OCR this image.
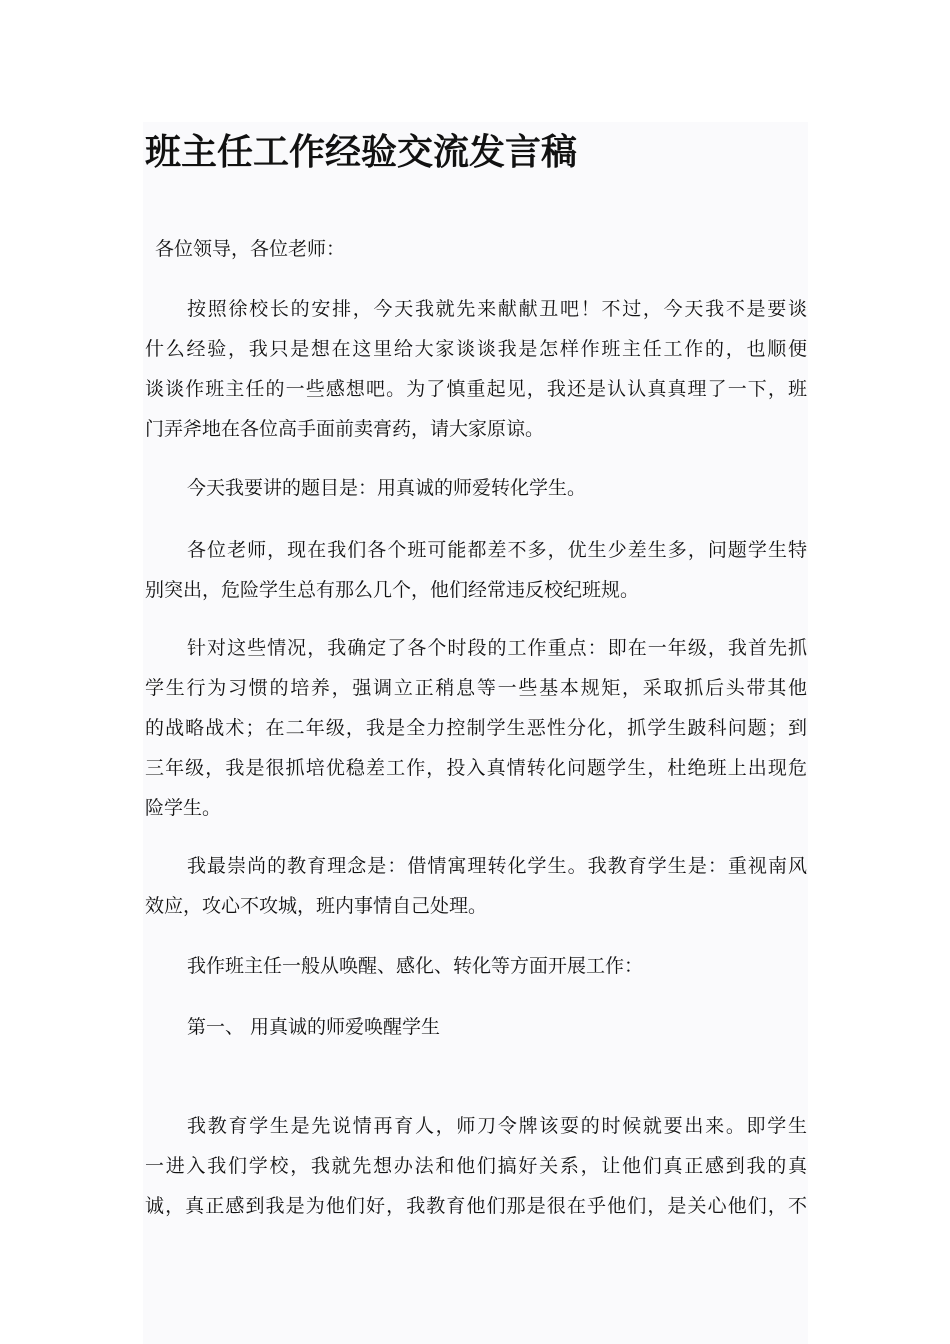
班主任工作经验交流发言稿
各位领导，各位老师：
按照徐校长的安排，今天我就先来献献丑吧！不过，今天我不是要谈
什么经验，我只是想在这里给大家谈谈我是怎样作班主任工作的，也顺便
谈谈作班主任的一些感想吧。为了慎重起见，我还是认认真真理了一下，班
门弄斧地在各位高手面前卖膏药，请大家原谅。
今天我要讲的题目是：用真诚的师爱转化学生。
各位老师，现在我们各个班可能都差不多，优生少差生多，问题学生特
别突出，危险学生总有那么几个，他们经常违反校纪班规。
针对这些情况，我确定了各个时段的工作重点：即在一年级，我首先抓
学生行为习惯的培养，强调立正稍息等一些基本规矩，采取抓后头带其他
的战略战术；在二年级，我是全力控制学生恶性分化，抓学生跛科问题；到
三年级，我是很抓培优稳差工作，投入真情转化问题学生，杜绝班上出现危
险学生。
我最崇尚的教育理念是：借情寓理转化学生。我教育学生是：重视南风
效应，攻心不攻城，班内事情自己处理。
我作班主任一般从唤醒、感化、转化等方面开展工作：
第一、 用真诚的师爱唤醒学生
我教育学生是先说情再育人，师刀令牌该耍的时候就要出来。即学生
一进入我们学校，我就先想办法和他们搞好关系，让他们真正感到我的真
诚，真正感到我是为他们好，我教育他们那是很在乎他们，是关心他们，不
